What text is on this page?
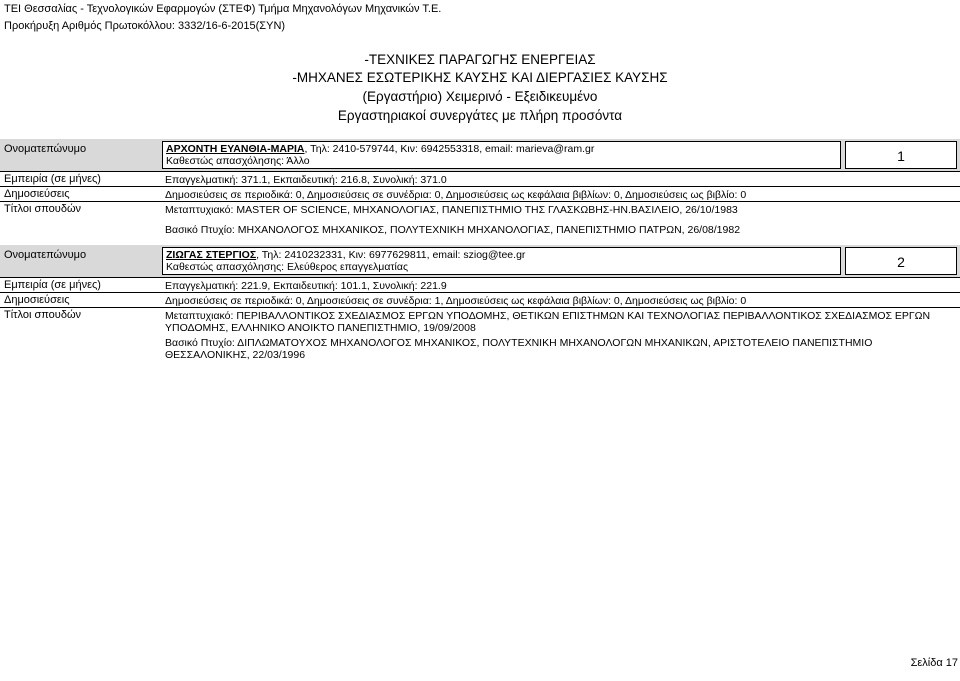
ΤΕΙ Θεσσαλίας - Τεχνολογικών Εφαρμογών (ΣΤΕΦ) Τμήμα Μηχανολόγων Μηχανικών Τ.Ε.
Προκήρυξη Αριθμός Πρωτοκόλλου: 3332/16-6-2015(ΣΥΝ)
-ΤΕΧΝΙΚΕΣ ΠΑΡΑΓΩΓΗΣ ΕΝΕΡΓΕΙΑΣ
-ΜΗΧΑΝΕΣ ΕΣΩΤΕΡΙΚΗΣ ΚΑΥΣΗΣ ΚΑΙ ΔΙΕΡΓΑΣΙΕΣ ΚΑΥΣΗΣ
(Εργαστήριο) Χειμερινό - Εξειδικευμένο
Εργαστηριακοί συνεργάτες με πλήρη προσόντα
Ονοματεπώνυμο	ΑΡΧΟΝΤΗ ΕΥΑΝΘΙΑ-ΜΑΡΙΑ, Τηλ: 2410-579744, Κιν: 6942553318, email: marieva@ram.gr
Καθεστώς απασχόλησης: Άλλο	1
Εμπειρία (σε μήνες)	Επαγγελματική: 371.1, Εκπαιδευτική: 216.8, Συνολική: 371.0
Δημοσιεύσεις	Δημοσιεύσεις σε περιοδικά: 0, Δημοσιεύσεις σε συνέδρια: 0, Δημοσιεύσεις ως κεφάλαια βιβλίων: 0, Δημοσιεύσεις ως βιβλίο: 0
Τίτλοι σπουδών	Μεταπτυχιακό: MASTER OF SCIENCE, ΜΗΧΑΝΟΛΟΓΙΑΣ, ΠΑΝΕΠΙΣΤΗΜΙΟ ΤΗΣ ΓΛΑΣΚΩΒΗΣ-ΗΝ.ΒΑΣΙΛΕΙΟ, 26/10/1983
Βασικό Πτυχίο: ΜΗΧΑΝΟΛΟΓΟΣ ΜΗΧΑΝΙΚΟΣ, ΠΟΛΥΤΕΧΝΙΚΗ ΜΗΧΑΝΟΛΟΓΙΑΣ, ΠΑΝΕΠΙΣΤΗΜΙΟ ΠΑΤΡΩΝ, 26/08/1982
Ονοματεπώνυμο	ΖΙΩΓΑΣ ΣΤΕΡΓΙΟΣ, Τηλ: 2410232331, Κιν: 6977629811, email: sziog@tee.gr
Καθεστώς απασχόλησης: Ελεύθερος επαγγελματίας	2
Εμπειρία (σε μήνες)	Επαγγελματική: 221.9, Εκπαιδευτική: 101.1, Συνολική: 221.9
Δημοσιεύσεις	Δημοσιεύσεις σε περιοδικά: 0, Δημοσιεύσεις σε συνέδρια: 1, Δημοσιεύσεις ως κεφάλαια βιβλίων: 0, Δημοσιεύσεις ως βιβλίο: 0
Τίτλοι σπουδών	Μεταπτυχιακό: ΠΕΡΙΒΑΛΛΟΝΤΙΚΟΣ ΣΧΕΔΙΑΣΜΟΣ ΕΡΓΩΝ ΥΠΟΔΟΜΗΣ, ΘΕΤΙΚΩΝ ΕΠΙΣΤΗΜΩΝ ΚΑΙ ΤΕΧΝΟΛΟΓΙΑΣ ΠΕΡΙΒΑΛΛΟΝΤΙΚΟΣ ΣΧΕΔΙΑΣΜΟΣ ΕΡΓΩΝ ΥΠΟΔΟΜΗΣ, ΕΛΛΗΝΙΚΟ ΑΝΟΙΚΤΟ ΠΑΝΕΠΙΣΤΗΜΙΟ, 19/09/2008
Βασικό Πτυχίο: ΔΙΠΛΩΜΑΤΟΥΧΟΣ ΜΗΧΑΝΟΛΟΓΟΣ ΜΗΧΑΝΙΚΟΣ, ΠΟΛΥΤΕΧΝΙΚΗ ΜΗΧΑΝΟΛΟΓΩΝ ΜΗΧΑΝΙΚΩΝ, ΑΡΙΣΤΟΤΕΛΕΙΟ ΠΑΝΕΠΙΣΤΗΜΙΟ ΘΕΣΣΑΛΟΝΙΚΗΣ, 22/03/1996
Σελίδα 17
